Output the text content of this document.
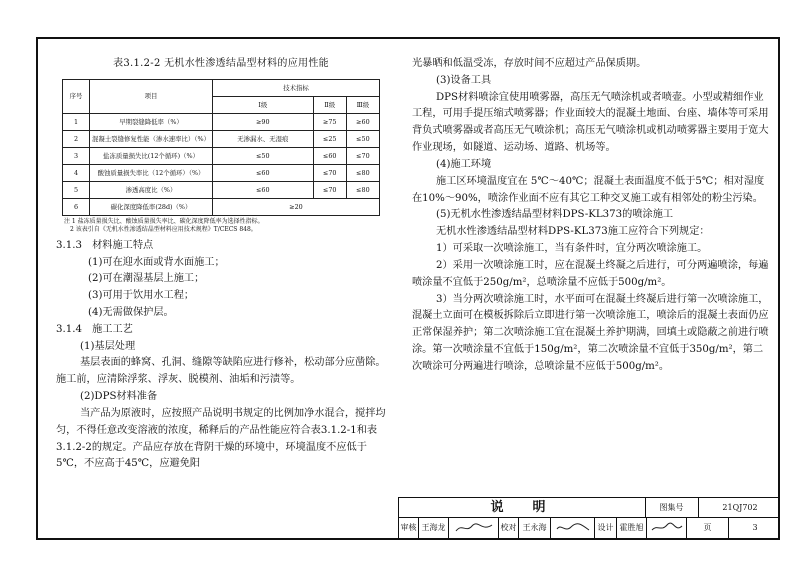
表3.1.2-2 无机水性渗透结晶型材料的应用性能

序号	项目	技术指标		
		Ⅰ级	Ⅱ级	Ⅲ级
1	早期裂缝降低率（%）	≥90	≥75	≥60
2	混凝土裂缝修复性能（渗水速率比）（%）	无渗漏水、无湿痕	≤25	≤50
3	盐冻质量损失比(12个循环)（%）	≤50	≤60	≤70
4	酸蚀质量损失率比（12个循环）（%）	≤60	≤70	≤80
5	渗透高度比（%）	≤60	≤70	≤80
6	碳化深度降低率(28d)（%）	≥20		

注 1 盐冻质量损失比、酸蚀质量损失率比、碳化深度降低率为选择性指标。

2 该表引自《无机水性渗透结晶型材料应用技术规程》T/CECS 848。

3.1.3　材料施工特点

(1)可在迎水面或背水面施工；

(2)可在潮湿基层上施工；

(3)可用于饮用水工程；

(4)无需做保护层。

3.1.4　施工工艺

(1)基层处理

基层表面的蜂窝、孔洞、缝隙等缺陷应进行修补，松动部分应凿除。施工前，应清除浮浆、浮灰、脱模剂、油垢和污渍等。

(2)DPS材料准备

当产品为原液时，应按照产品说明书规定的比例加净水混合，搅拌均匀，不得任意改变溶液的浓度，稀释后的产品性能应符合表3.1.2-1和表3.1.2-2的规定。产品应存放在背阴干燥的环境中，环境温度不应低于5℃，不应高于45℃，应避免阳

光暴晒和低温受冻，存放时间不应超过产品保质期。

(3)设备工具

DPS材料喷涂宜使用喷雾器，高压无气喷涂机或者喷壶。小型或精细作业工程，可用手提压缩式喷雾器；作业面较大的混凝土地面、台座、墙体等可采用背负式喷雾器或者高压无气喷涂机；高压无气喷涂机或机动喷雾器主要用于宽大作业现场，如隧道、运动场、道路、机场等。

(4)施工环境

施工区环境温度宜在 5℃～40℃；混凝土表面温度不低于5℃；相对湿度在10%～90%，喷涂作业面不应有其它工种交叉施工或有相邻处的粉尘污染。

(5)无机水性渗透结晶型材料DPS-KL373的喷涂施工

无机水性渗透结晶型材料DPS-KL373施工应符合下列规定：

1）可采取一次喷涂施工，当有条件时，宜分两次喷涂施工。

2）采用一次喷涂施工时，应在混凝土终凝之后进行，可分两遍喷涂，每遍喷涂量不宜低于250g/m²，总喷涂量不应低于500g/m²。

3）当分两次喷涂施工时，水平面可在混凝土终凝后进行第一次喷涂施工，混凝土立面可在模板拆除后立即进行第一次喷涂施工，喷涂后的混凝土表面仍应正常保湿养护；第二次喷涂施工宜在混凝土养护期满，回填土或隐蔽之前进行喷涂。第一次喷涂量不宜低于150g/m²，第二次喷涂量不宜低于350g/m²，第二次喷涂可分两遍进行喷涂，总喷涂量不应低于500g/m²。

说　明	图集号	21QJ702
审核 王海龙	校对 王永海	设计 霍胜旭	页	3
